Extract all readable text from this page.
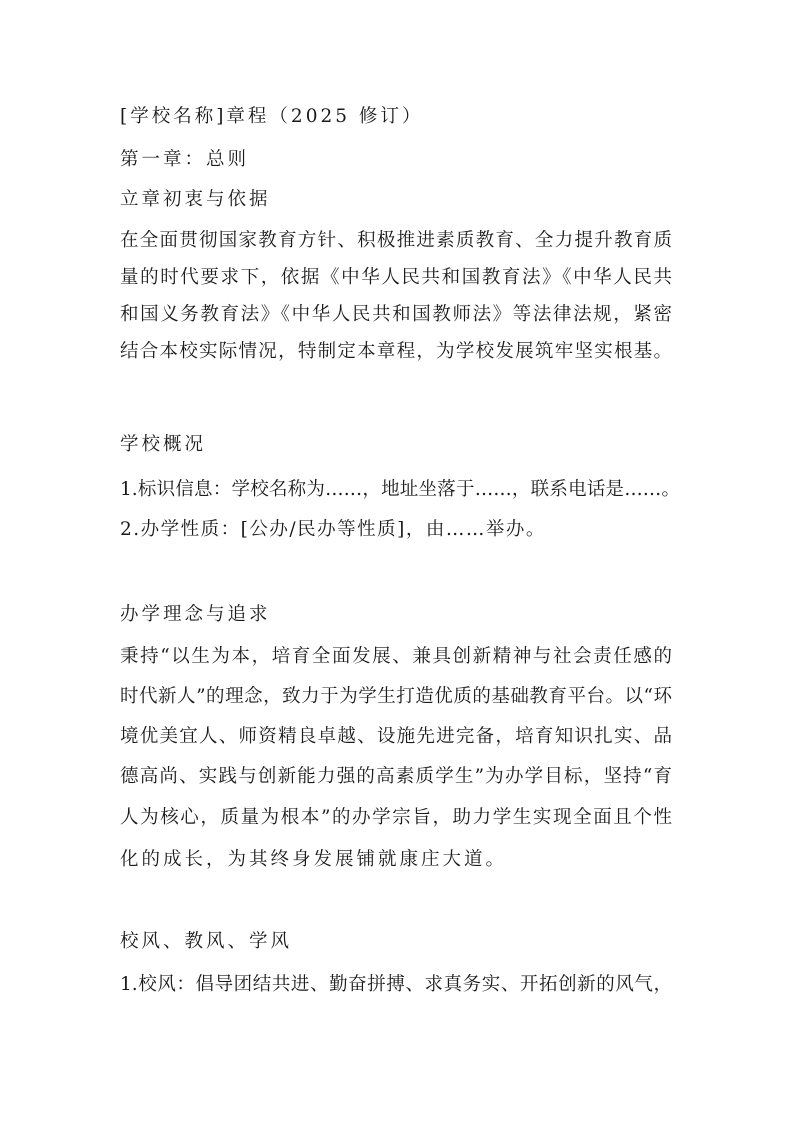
[学校名称]章程（2025 修订）
第一章：总则
立章初衷与依据
在全面贯彻国家教育方针、积极推进素质教育、全力提升教育质
量的时代要求下，依据《中华人民共和国教育法》《中华人民共
和国义务教育法》《中华人民共和国教师法》等法律法规，紧密
结合本校实际情况，特制定本章程，为学校发展筑牢坚实根基。
学校概况
1.标识信息：学校名称为……，地址坐落于……，联系电话是……。
2.办学性质：[公办/民办等性质]，由……举办。
办学理念与追求
秉持“以生为本，培育全面发展、兼具创新精神与社会责任感的
时代新人”的理念，致力于为学生打造优质的基础教育平台。以“环
境优美宜人、师资精良卓越、设施先进完备，培育知识扎实、品
德高尚、实践与创新能力强的高素质学生”为办学目标，坚持“育
人为核心，质量为根本”的办学宗旨，助力学生实现全面且个性
化的成长，为其终身发展铺就康庄大道。
校风、教风、学风
1.校风：倡导团结共进、勤奋拼搏、求真务实、开拓创新的风气，
